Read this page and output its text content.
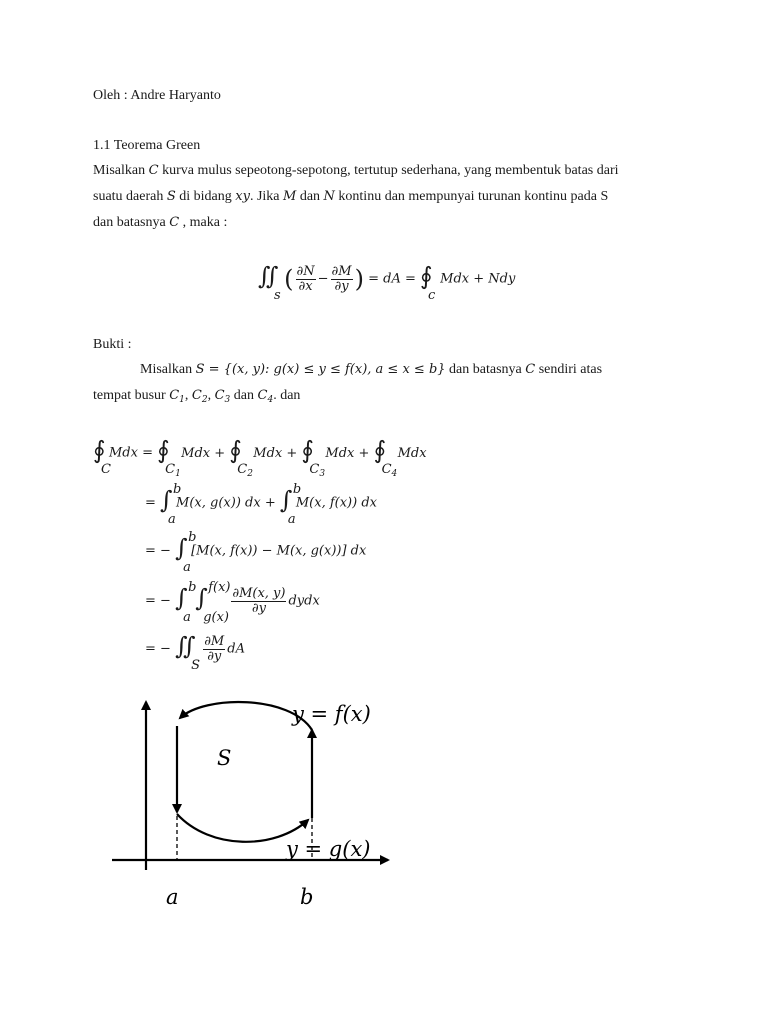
Oleh : Andre Haryanto
1.1 Teorema Green
Misalkan C kurva mulus sepeotong-sepotong, tertutup sederhana, yang membentuk batas dari
suatu daerah S di bidang xy. Jika M dan N kontinu dan mempunyai turunan kontinu pada S
dan batasnya C , maka :
∬
s
( $\frac{\partial N}{\partial x} - \frac{\partial M}{\partial y}$ ) = dA = ∮
c
Mdx + Ndy
Bukti :
Misalkan S = {(x, y): g(x) ≤ y ≤ f(x), a ≤ x ≤ b} dan batasnya C sendiri atas
tempat busur $C_1$, $C_2$, $C_3$ dan $C_4$. dan
∮
C
Mdx = ∮
$C_1$
Mdx + ∮
$C_2$
Mdx + ∮
$C_3$
Mdx + ∮
$C_4$
Mdx
= ∫ b
a
M(x, g(x)) dx + ∫ b
a
M(x, f(x)) dx
= − ∫ b
a
[M(x, f(x)) − M(x, g(x))] dx
= − ∫ b
a

∫ f(x)
g(x)

$\frac{\partial M(x, y)}{\partial y}$ dydx
= − ∬
S

$\frac{\partial M}{\partial y}$ dA
y = f(x)
S
y = g(x)
a	b
